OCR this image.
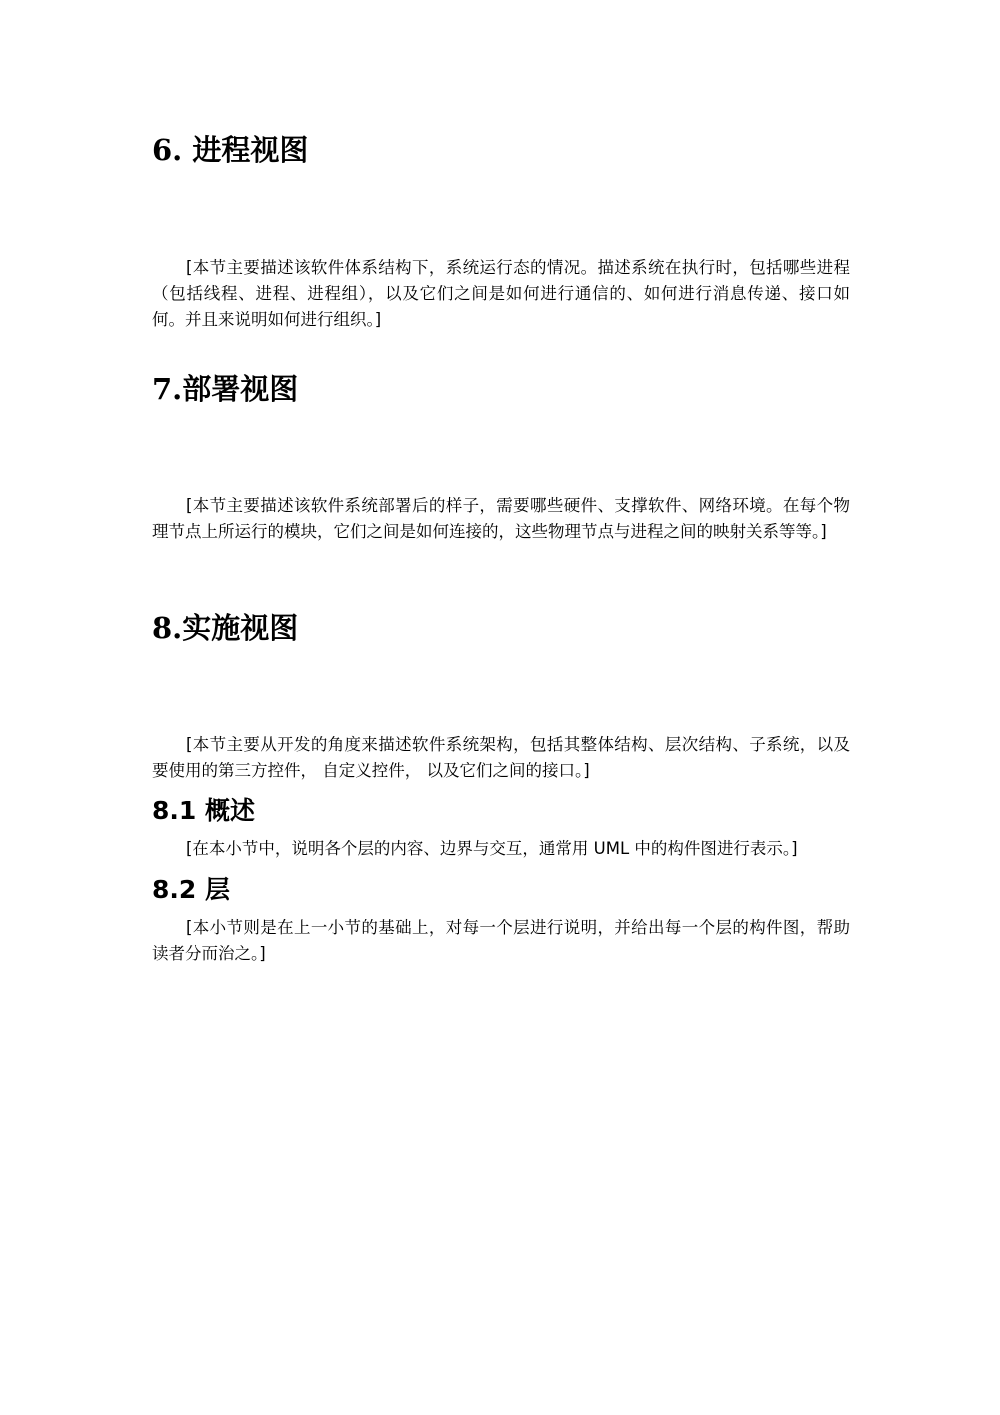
6. 进程视图

[本节主要描述该软件体系结构下，系统运行态的情况。描述系统在执行时，包括哪些进程（包括线程、进程、进程组），以及它们之间是如何进行通信的、如何进行消息传递、接口如何。并且来说明如何进行组织。]

7.部署视图

[本节主要描述该软件系统部署后的样子，需要哪些硬件、支撑软件、网络环境。在每个物理节点上所运行的模块，它们之间是如何连接的，这些物理节点与进程之间的映射关系等等。]

8.实施视图

[本节主要从开发的角度来描述软件系统架构，包括其整体结构、层次结构、子系统，以及要使用的第三方控件， 自定义控件， 以及它们之间的接口。]

8.1 概述

[在本小节中，说明各个层的内容、边界与交互，通常用 UML 中的构件图进行表示。]

8.2 层

[本小节则是在上一小节的基础上，对每一个层进行说明，并给出每一个层的构件图，帮助读者分而治之。]
